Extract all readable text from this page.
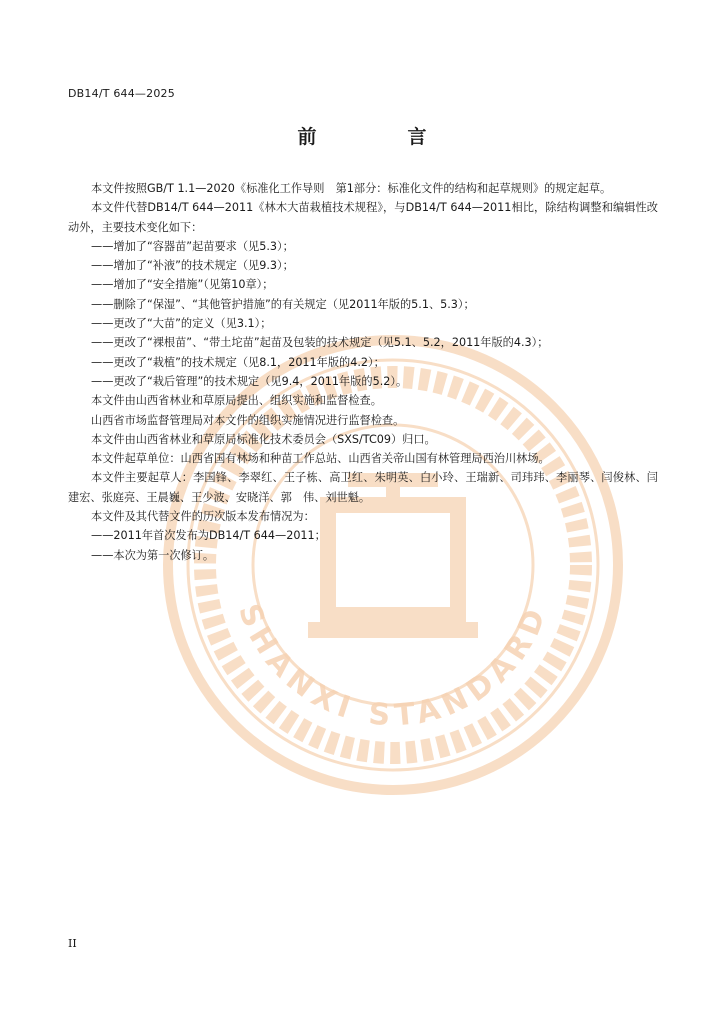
SHANXI STANDARD
DB14/T 644—2025
前　言

本文件按照GB/T 1.1—2020《标准化工作导则　第1部分：标准化文件的结构和起草规则》的规定起草。

本文件代替DB14/T 644—2011《林木大苗栽植技术规程》，与DB14/T 644—2011相比，除结构调整和编辑性改动外，主要技术变化如下：

——增加了“容器苗”起苗要求（见5.3）；

——增加了“补液”的技术规定（见9.3）；

——增加了“安全措施”（见第10章）；

——删除了“保湿”、“其他管护措施”的有关规定（见2011年版的5.1、5.3）；

——更改了“大苗”的定义（见3.1）；

——更改了“裸根苗”、“带土坨苗”起苗及包装的技术规定（见5.1、5.2，2011年版的4.3）；

——更改了“栽植”的技术规定（见8.1，2011年版的4.2）；

——更改了“栽后管理”的技术规定（见9.4，2011年版的5.2）。

本文件由山西省林业和草原局提出、组织实施和监督检查。

山西省市场监督管理局对本文件的组织实施情况进行监督检查。

本文件由山西省林业和草原局标准化技术委员会（SXS/TC09）归口。

本文件起草单位：山西省国有林场和种苗工作总站、山西省关帝山国有林管理局西治川林场。

本文件主要起草人：李国锋、李翠红、王子栋、高卫红、朱明英、白小玲、王瑞新、司玮玮、李丽琴、闫俊林、闫建宏、张庭亮、王晨巍、王少波、安晓洋、郭　伟、刘世魁。

本文件及其代替文件的历次版本发布情况为：

——2011年首次发布为DB14/T 644—2011；

——本次为第一次修订。

II
